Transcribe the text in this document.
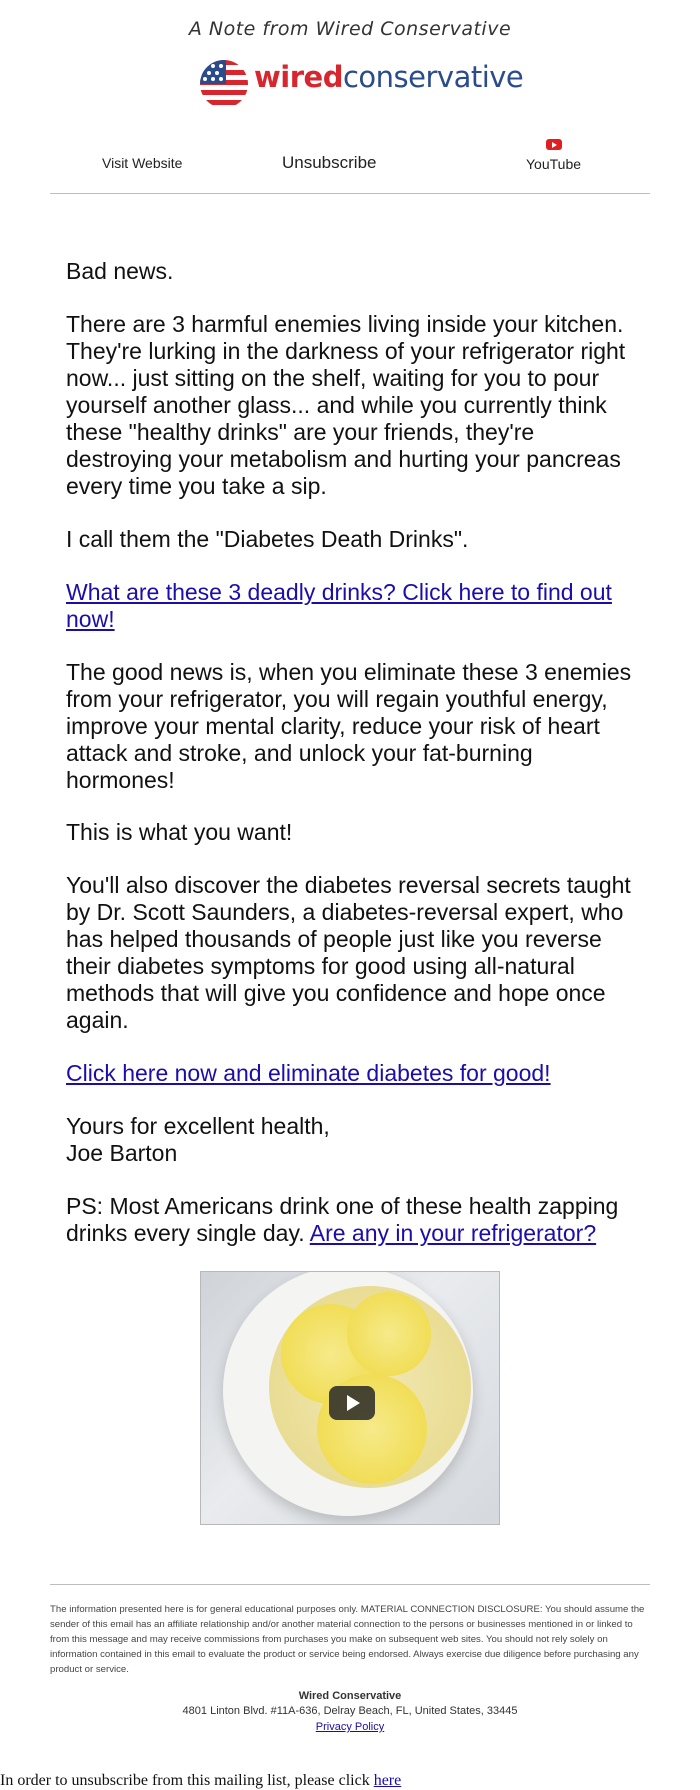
A Note from Wired Conservative
wiredconservative
Visit Website	Unsubscribe	YouTube

Bad news.

There are 3 harmful enemies living inside your kitchen. They're lurking in the darkness of your refrigerator right now... just sitting on the shelf, waiting for you to pour yourself another glass... and while you currently think these "healthy drinks" are your friends, they're destroying your metabolism and hurting your pancreas every time you take a sip.

I call them the "Diabetes Death Drinks".

What are these 3 deadly drinks? Click here to find out now!

The good news is, when you eliminate these 3 enemies from your refrigerator, you will regain youthful energy, improve your mental clarity, reduce your risk of heart attack and stroke, and unlock your fat-burning hormones!

This is what you want!

You'll also discover the diabetes reversal secrets taught by Dr. Scott Saunders, a diabetes-reversal expert, who has helped thousands of people just like you reverse their diabetes symptoms for good using all-natural methods that will give you confidence and hope once again.

Click here now and eliminate diabetes for good!

Yours for excellent health,
Joe Barton

PS: Most Americans drink one of these health zapping drinks every single day. Are any in your refrigerator?

The information presented here is for general educational purposes only. MATERIAL CONNECTION DISCLOSURE: You should assume the sender of this email has an affiliate relationship and/or another material connection to the persons or businesses mentioned in or linked to from this message and may receive commissions from purchases you make on subsequent web sites. You should not rely solely on information contained in this email to evaluate the product or service being endorsed. Always exercise due diligence before purchasing any product or service.

Wired Conservative
4801 Linton Blvd. #11A-636, Delray Beach, FL, United States, 33445
Privacy Policy
In order to unsubscribe from this mailing list, please click here
